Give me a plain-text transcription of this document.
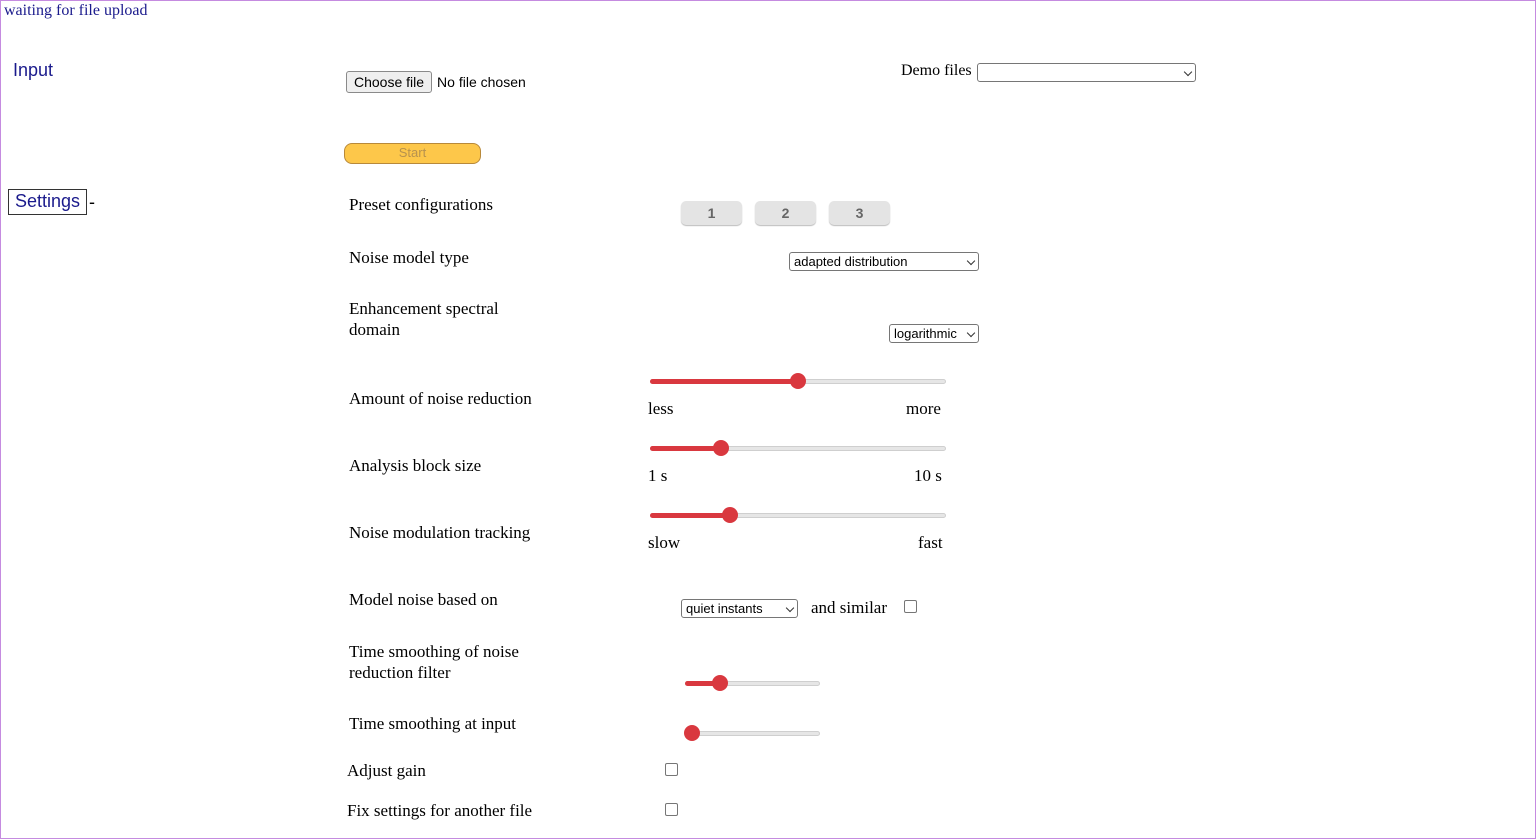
waiting for file upload
Input
Choose file No file chosen
Demo files
Start
Settings -	Preset configurations	1	2	3
Noise model type	adapted distribution
Enhancement spectral
domain	logarithmic
Amount of noise reduction
less	more
Analysis block size
1 s	10 s
Noise modulation tracking
slow	fast
Model noise based on	quiet instants	and similar
Time smoothing of noise
reduction filter
Time smoothing at input
Adjust gain
Fix settings for another file
